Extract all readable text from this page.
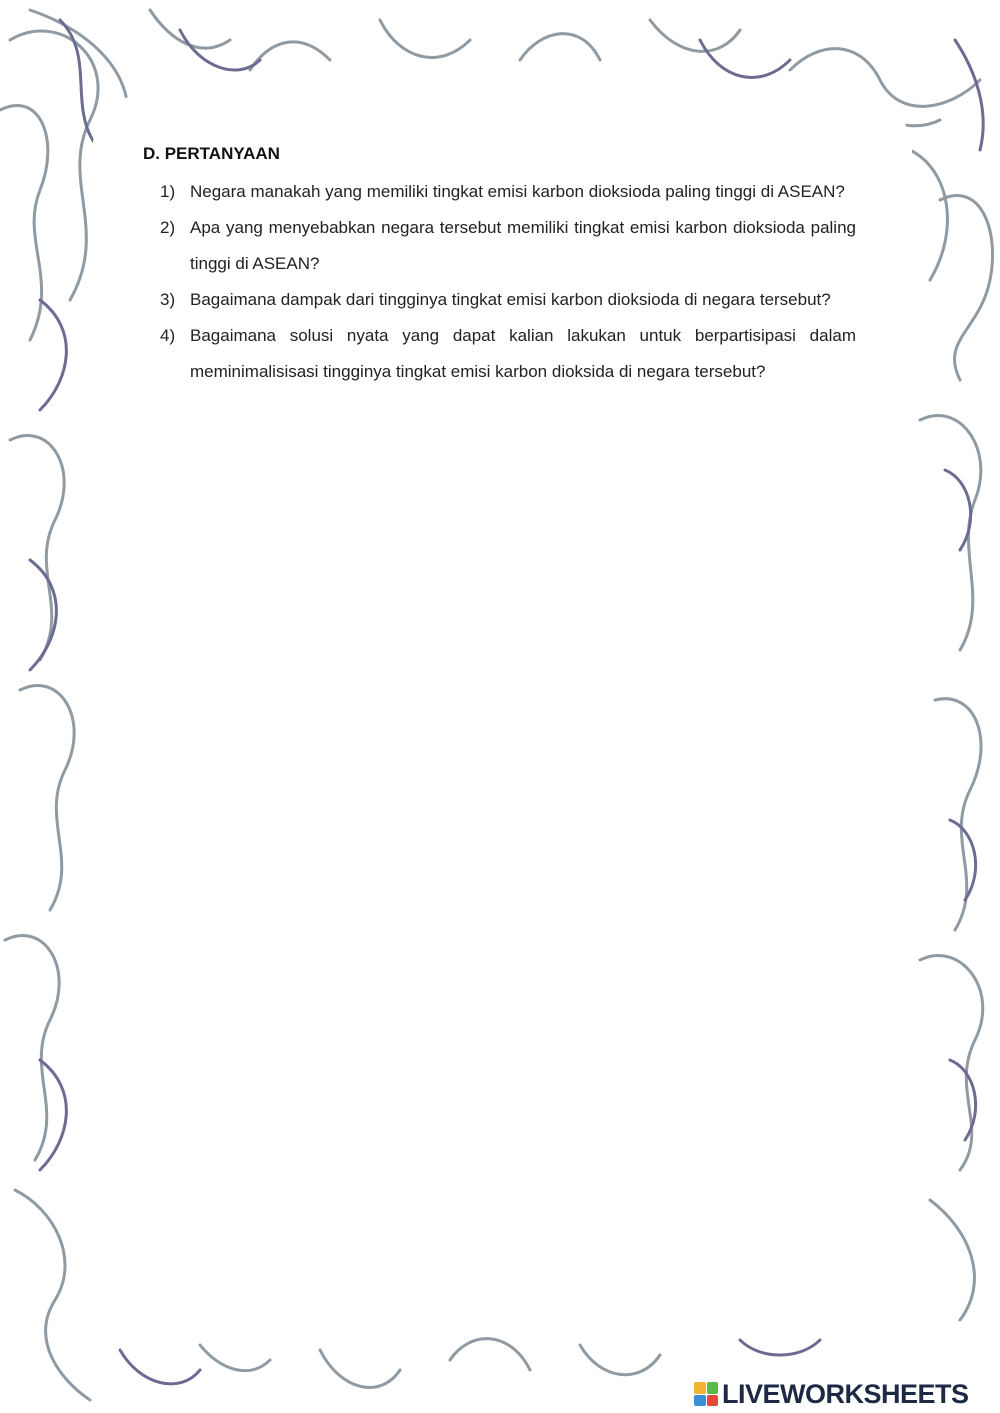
D. PERTANYAAN
1) Negara manakah yang memiliki tingkat emisi karbon dioksioda paling tinggi di ASEAN?
2) Apa yang menyebabkan negara tersebut memiliki tingkat emisi karbon dioksioda paling tinggi di ASEAN?
3) Bagaimana dampak dari tingginya tingkat emisi karbon dioksioda di negara tersebut?
4) Bagaimana solusi nyata yang dapat kalian lakukan untuk berpartisipasi dalam meminimalisisasi tingginya tingkat emisi karbon dioksida di negara tersebut?
LIVEWORKSHEETS
